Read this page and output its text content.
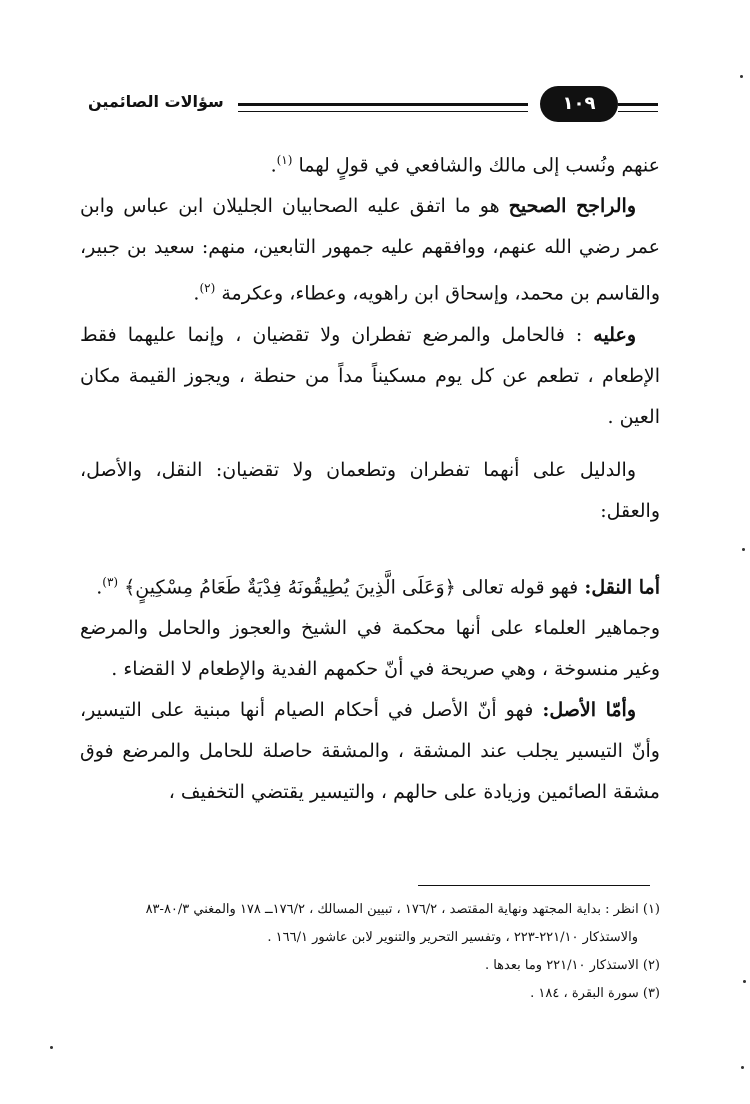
سؤالات الصائمين	١٠٩

عنهم ونُسب إلى مالك والشافعي في قولٍ لهما $^{(١)}$.

والراجح الصحيح هو ما اتفق عليه الصحابيان الجليلان ابن عباس وابن عمر رضي الله عنهم، ووافقهم عليه جمهور التابعين، منهم: سعيد بن جبير، والقاسم بن محمد، وإسحاق ابن راهويه، وعطاء، وعكرمة $^{(٢)}$.

وعليه : فالحامل والمرضع تفطران ولا تقضيان ، وإنما عليهما فقط الإطعام ، تطعم عن كل يوم مسكيناً مداً من حنطة ، ويجوز القيمة مكان العين .

والدليل على أنهما تفطران وتطعمان ولا تقضيان: النقل، والأصل، والعقل:

أما النقل: فهو قوله تعالى ﴿وَعَلَى الَّذِينَ يُطِيقُونَهُ فِدْيَةٌ طَعَامُ مِسْكِينٍ﴾ $^{(٣)}$.

وجماهير العلماء على أنها محكمة في الشيخ والعجوز والحامل والمرضع وغير منسوخة ، وهي صريحة في أنّ حكمهم الفدية والإطعام لا القضاء .

وأمّا الأصل: فهو أنّ الأصل في أحكام الصيام أنها مبنية على التيسير، وأنّ التيسير يجلب عند المشقة ، والمشقة حاصلة للحامل والمرضع فوق مشقة الصائمين وزيادة على حالهم ، والتيسير يقتضي التخفيف ،

(١) انظر : بداية المجتهد ونهاية المقتصد ، ١٧٦/٢ ، تبيين المسالك ، ١٧٦/٢ــ ١٧٨ والمغني ٨٠/٣-٨٣

والاستذكار ٢٢١/١٠-٢٢٣ ، وتفسير التحرير والتنوير لابن عاشور ١٦٦/١ .

(٢) الاستذكار ٢٢١/١٠ وما بعدها .

(٣) سورة البقرة ، ١٨٤ .
